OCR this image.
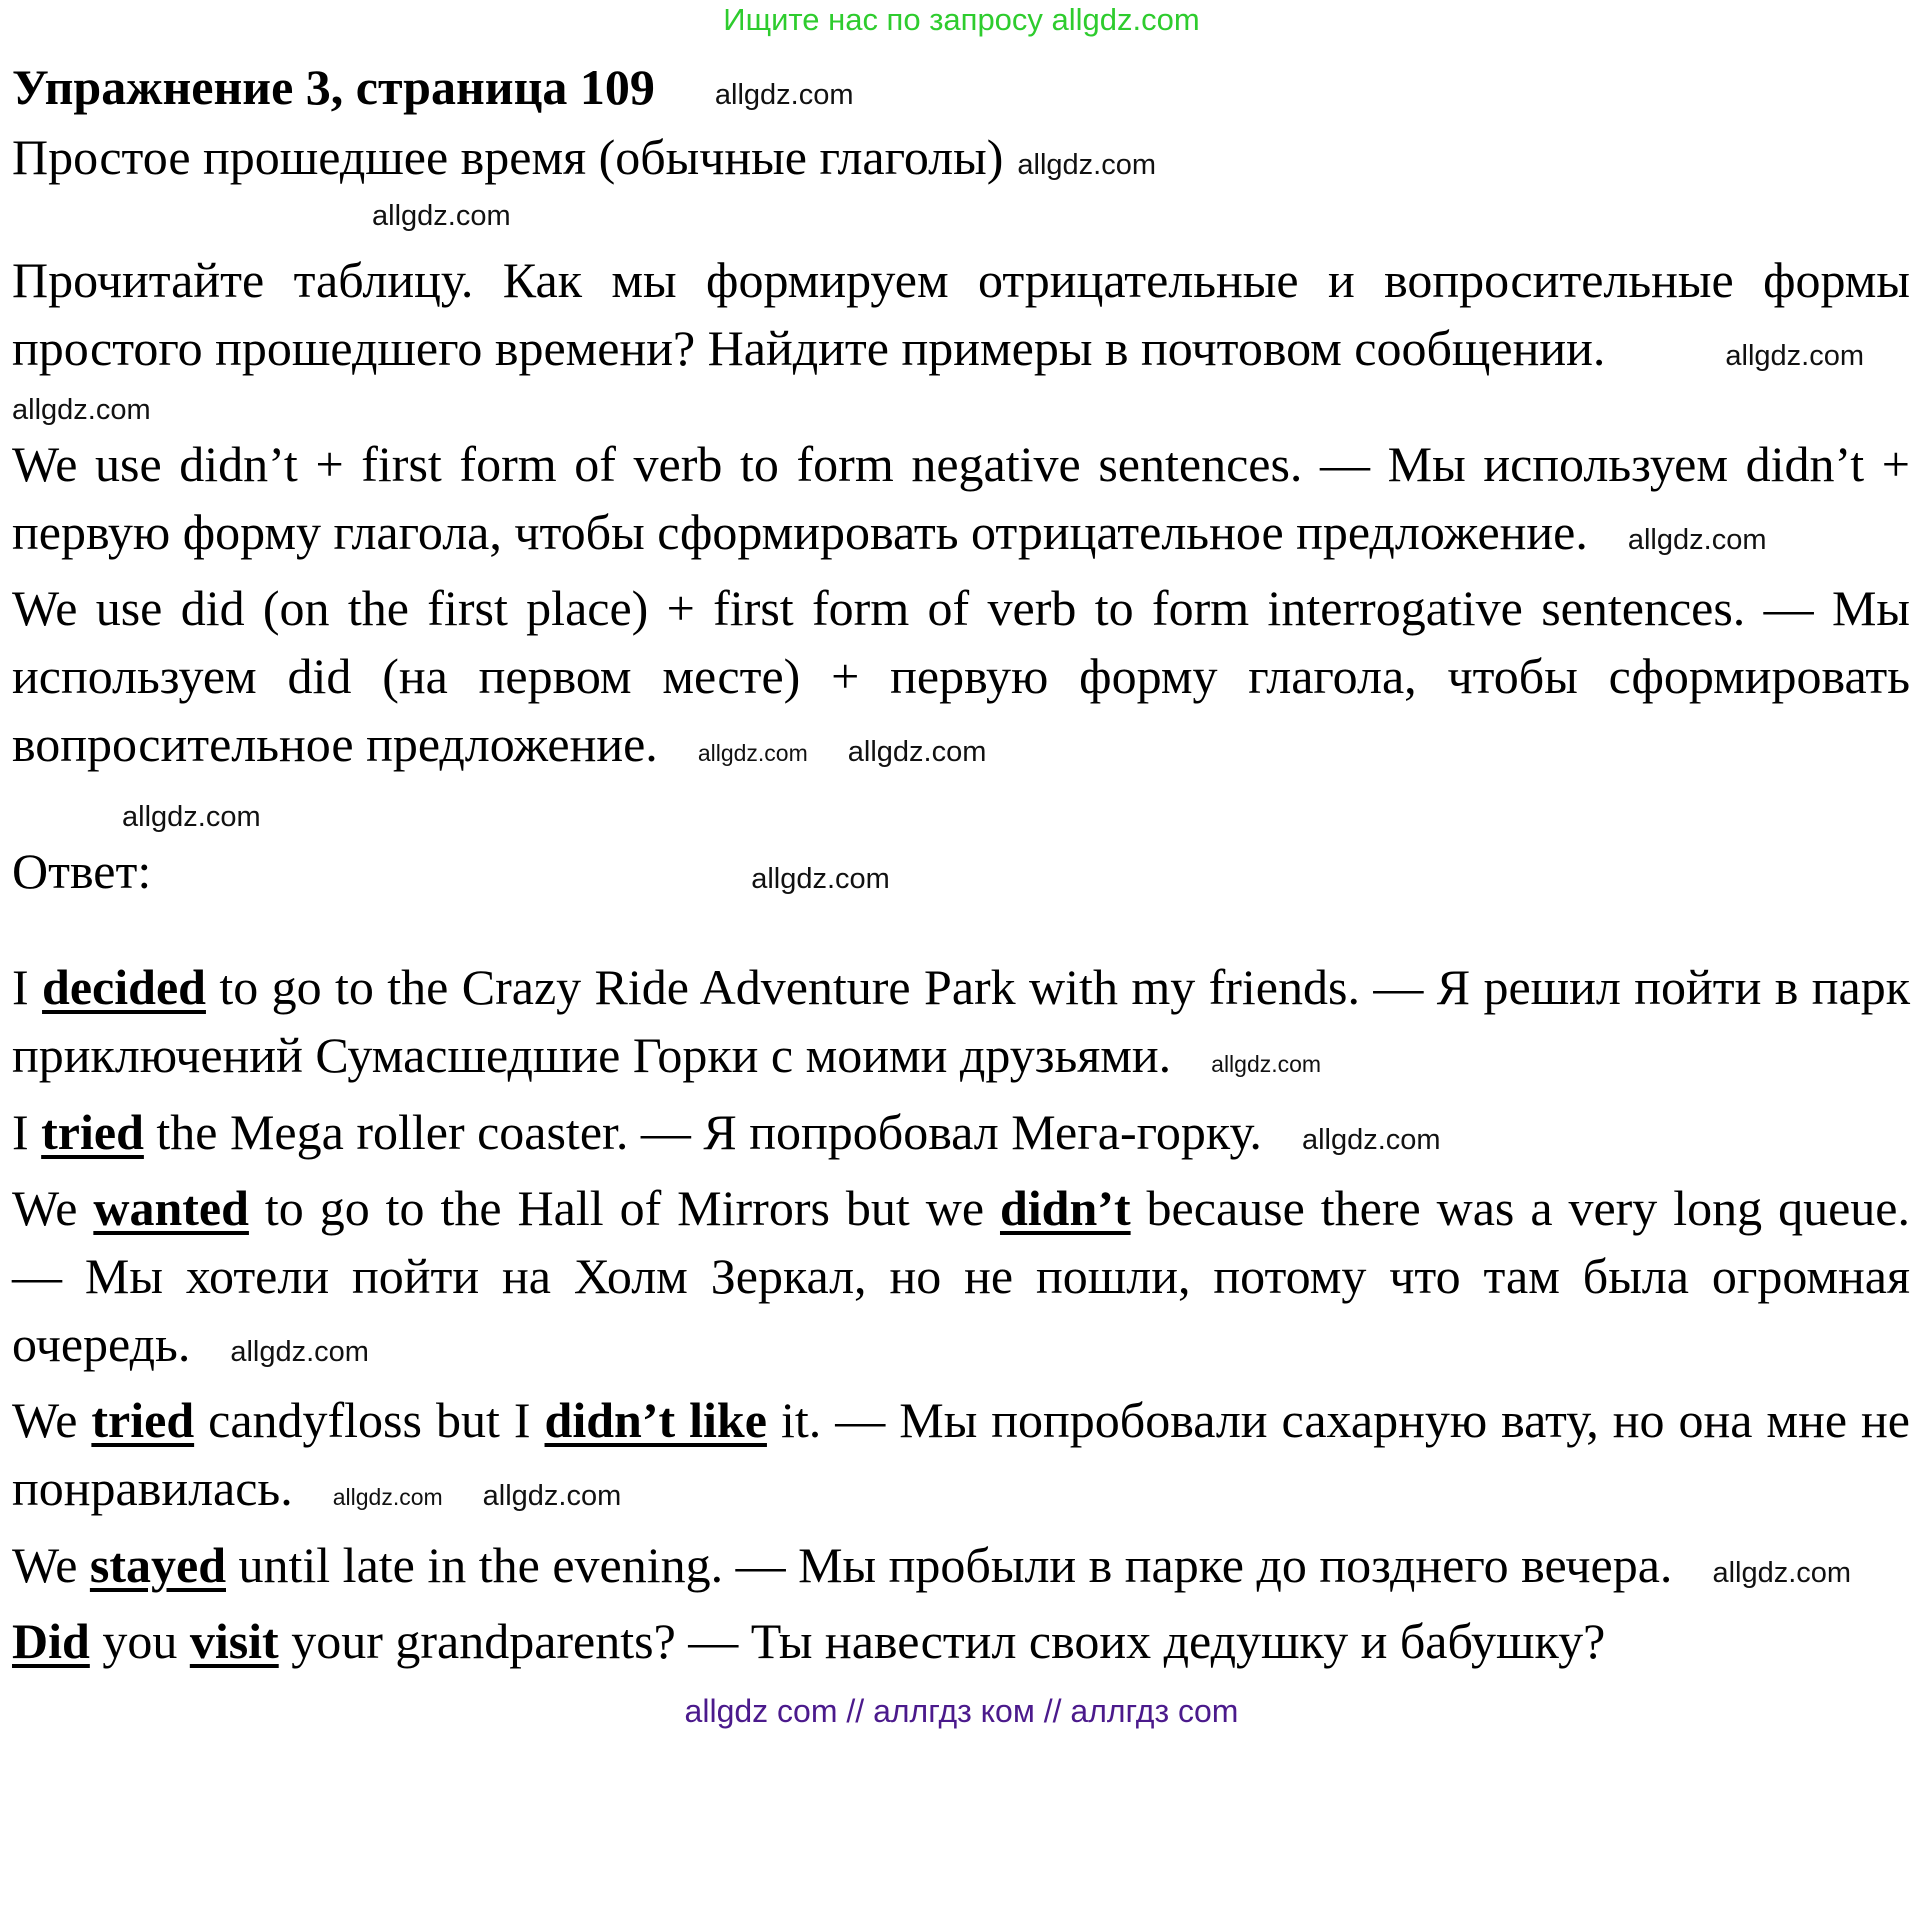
Ищите нас по запросу allgdz.com
Упражнение 3, страница 109 allgdz.com
Простое прошедшее время (обычные глаголы) allgdz.com
allgdz.com
Прочитайте таблицу. Как мы формируем отрицательные и вопросительные формы простого прошедшего времени? Найдите примеры в почтовом сообщении.	allgdz.com
allgdz.com
We use didn’t + first form of verb to form negative sentences. — Мы используем didn’t + первую форму глагола, чтобы сформировать отрицательное предложение. allgdz.com
We use did (on the first place) + first form of verb to form interrogative sentences. — Мы используем did (на первом месте) + первую форму глагола, чтобы сформировать вопросительное предложение. allgdz.com allgdz.com
allgdz.com
Ответ:	allgdz.com
I decided to go to the Crazy Ride Adventure Park with my friends. — Я решил пойти в парк приключений Сумасшедшие Горки с моими друзьями. allgdz.com
I tried the Mega roller coaster. — Я попробовал Мега-горку. allgdz.com
We wanted to go to the Hall of Mirrors but we didn’t because there was a very long queue. — Мы хотели пойти на Холм Зеркал, но не пошли, потому что там была огромная очередь. allgdz.com
We tried candyfloss but I didn’t like it. — Мы попробовали сахарную вату, но она мне не понравилась. allgdz.com allgdz.com
We stayed until late in the evening. — Мы пробыли в парке до позднего вечера. allgdz.com
Did you visit your grandparents? — Ты навестил своих дедушку и бабушку?
allgdz com // аллгдз ком // аллгдз com
